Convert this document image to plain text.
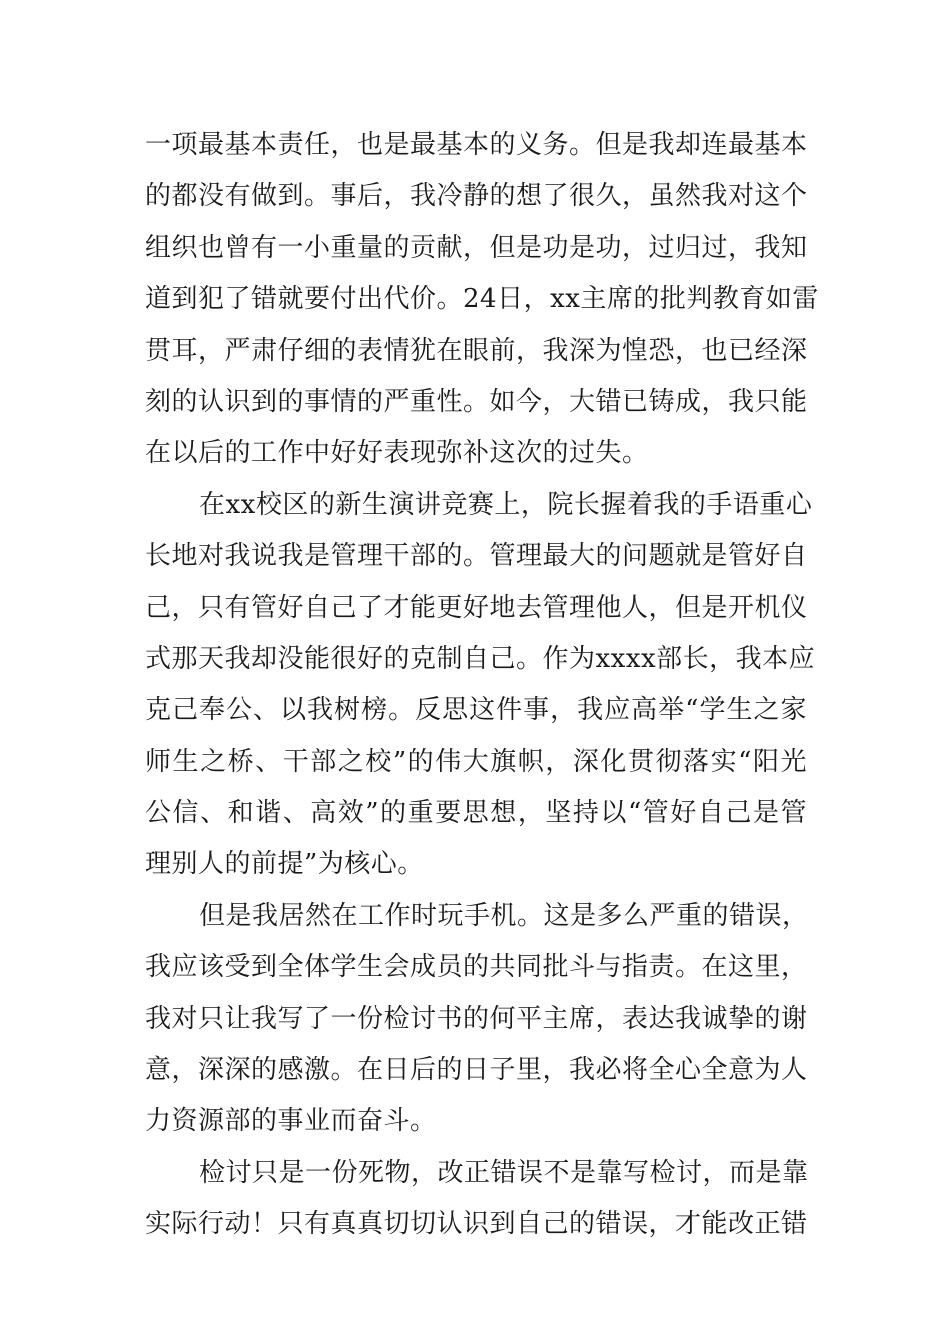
一项最基本责任，也是最基本的义务。但是我却连最基本
的都没有做到。事后，我冷静的想了很久，虽然我对这个
组织也曾有一小重量的贡献，但是功是功，过归过，我知
道到犯了错就要付出代价。24日，xx主席的批判教育如雷
贯耳，严肃仔细的表情犹在眼前，我深为惶恐，也已经深
刻的认识到的事情的严重性。如今，大错已铸成，我只能
在以后的工作中好好表现弥补这次的过失。
在xx校区的新生演讲竞赛上，院长握着我的手语重心
长地对我说我是管理干部的。管理最大的问题就是管好自
己，只有管好自己了才能更好地去管理他人，但是开机仪
式那天我却没能很好的克制自己。作为xxxx部长，我本应
克己奉公、以我树榜。反思这件事，我应高举“学生之家
师生之桥、干部之校”的伟大旗帜，深化贯彻落实“阳光
公信、和谐、高效”的重要思想，坚持以“管好自己是管
理别人的前提”为核心。
但是我居然在工作时玩手机。这是多么严重的错误，
我应该受到全体学生会成员的共同批斗与指责。在这里，
我对只让我写了一份检讨书的何平主席，表达我诚挚的谢
意，深深的感激。在日后的日子里，我必将全心全意为人
力资源部的事业而奋斗。
检讨只是一份死物，改正错误不是靠写检讨，而是靠
实际行动！只有真真切切认识到自己的错误，才能改正错
